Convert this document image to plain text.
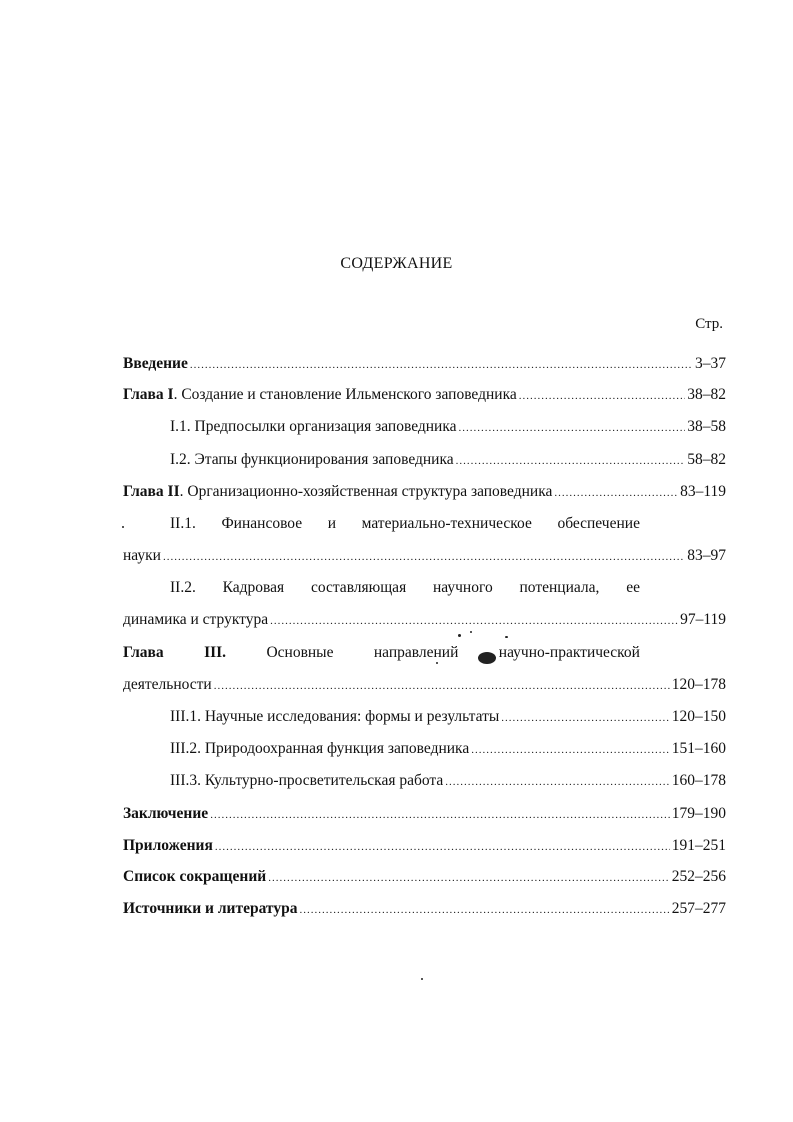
СОДЕРЖАНИЕ
Стр.
Введение .....	3–37
Глава I. Создание и становление Ильменского заповедника .....	38–82
I.1. Предпосылки организация заповедника .....	38–58
I.2. Этапы функционирования заповедника .....	58–82
Глава II. Организационно-хозяйственная структура заповедника .....	83–119
II.1. Финансовое и материально-техническое обеспечение
науки .....	83–97
II.2. Кадровая составляющая научного потенциала, ее
динамика и структура .....	97–119
Глава	III.	Основные	направлений	научно-практической
деятельности .....	120–178
III.1. Научные исследования: формы и результаты .....	120–150
III.2. Природоохранная функция заповедника .....	151–160
III.3. Культурно-просветительская работа .....	160–178
Заключение .....	179–190
Приложения .....	191–251
Список сокращений .....	252–256
Источники и литература .....	257–277
